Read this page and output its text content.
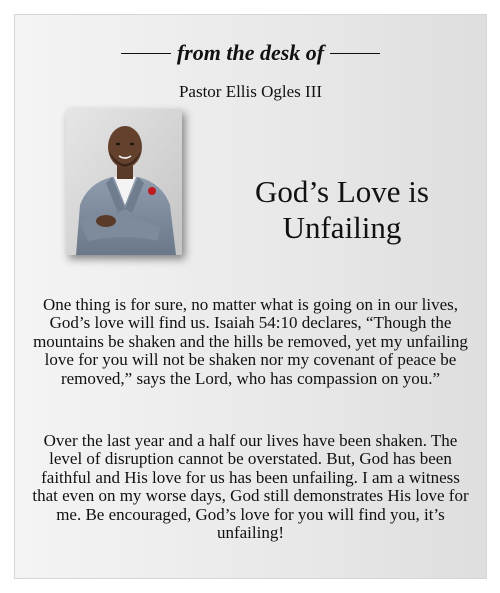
from the desk of
Pastor Ellis Ogles III
God’s Love is Unfailing

One thing is for sure, no matter what is going on in our lives, God’s love will find us. Isaiah 54:10 declares, “Though the mountains be shaken and the hills be removed, yet my unfailing love for you will not be shaken nor my covenant of peace be removed,” says the Lord, who has compassion on you.”

Over the last year and a half our lives have been shaken. The level of disruption cannot be overstated. But, God has been faithful and His love for us has been unfailing. I am a witness that even on my worse days, God still demonstrates His love for me. Be encouraged, God’s love for you will find you, it’s unfailing!
